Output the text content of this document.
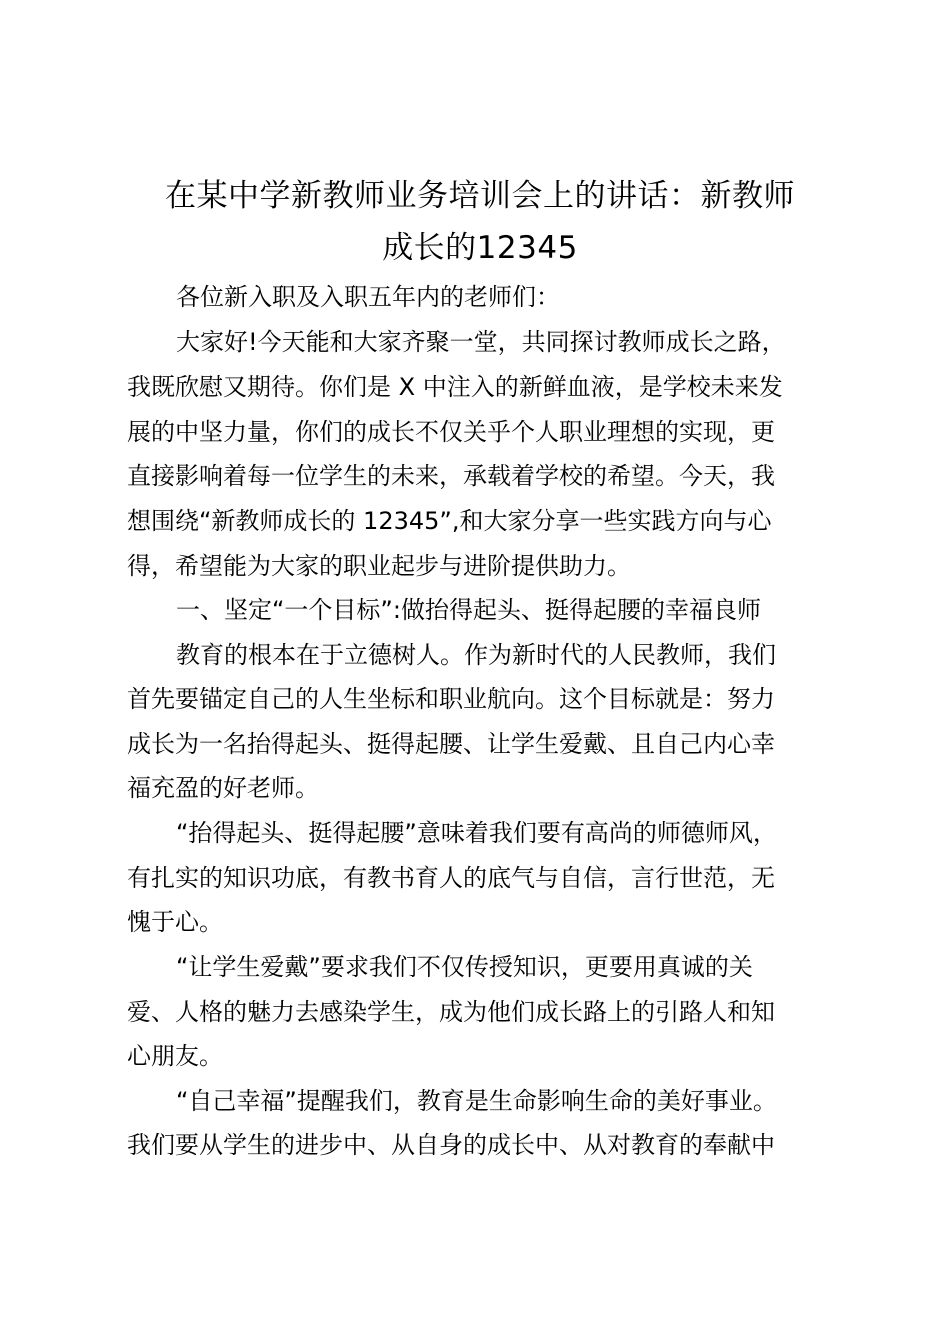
在某中学新教师业务培训会上的讲话：新教师
成长的12345

各位新入职及入职五年内的老师们：

大家好!今天能和大家齐聚一堂，共同探讨教师成长之路，

我既欣慰又期待。你们是 X 中注入的新鲜血液，是学校未来发

展的中坚力量，你们的成长不仅关乎个人职业理想的实现，更

直接影响着每一位学生的未来，承载着学校的希望。今天，我

想围绕“新教师成长的 12345”,和大家分享一些实践方向与心

得，希望能为大家的职业起步与进阶提供助力。

一、坚定“一个目标”:做抬得起头、挺得起腰的幸福良师

教育的根本在于立德树人。作为新时代的人民教师，我们

首先要锚定自己的人生坐标和职业航向。这个目标就是：努力

成长为一名抬得起头、挺得起腰、让学生爱戴、且自己内心幸

福充盈的好老师。

“抬得起头、挺得起腰”意味着我们要有高尚的师德师风，

有扎实的知识功底，有教书育人的底气与自信，言行世范，无

愧于心。

“让学生爱戴”要求我们不仅传授知识，更要用真诚的关

爱、人格的魅力去感染学生，成为他们成长路上的引路人和知

心朋友。

“自己幸福”提醒我们，教育是生命影响生命的美好事业。

我们要从学生的进步中、从自身的成长中、从对教育的奉献中
